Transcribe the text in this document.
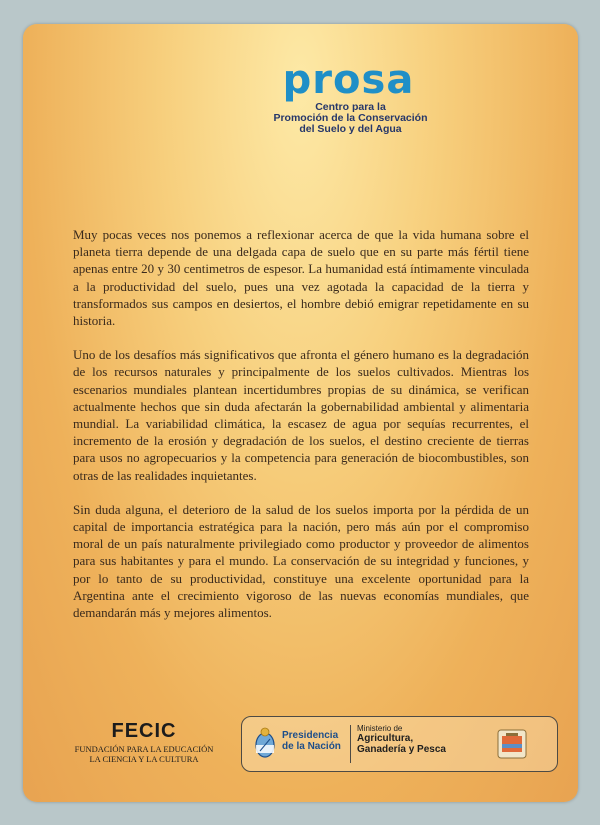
prosa
Centro para la
Promoción de la Conservación
del Suelo y del Agua

Muy pocas veces nos ponemos a reflexionar acerca de que la vida humana sobre el planeta tierra depende de una delgada capa de suelo que en su parte más fértil tiene apenas entre 20 y 30 centimetros de espesor. La humanidad está íntimamente vinculada a la productividad del suelo, pues una vez agotada la capacidad de la tierra y transformados sus campos en desiertos, el hombre debió emigrar repetidamente en su historia.

Uno de los desafíos más significativos que afronta el género humano es la degradación de los recursos naturales y principalmente de los suelos cultivados. Mientras los escenarios mundiales plantean incertidumbres propias de su dinámica, se verifican actualmente hechos que sin duda afectarán la gobernabilidad ambiental y alimentaria mundial. La variabilidad climática, la escasez de agua por sequías recurrentes, el incremento de la erosión y degradación de los suelos, el destino creciente de tierras para usos no agropecuarios y la competencia para generación de biocombustibles, son otras de las realidades inquietantes.

Sin duda alguna, el deterioro de la salud de los suelos importa por la pérdida de un capital de importancia estratégica para la nación, pero más aún por el compromiso moral de un país naturalmente privilegiado como productor y proveedor de alimentos para sus habitantes y para el mundo. La conservación de su integridad y funciones, y por lo tanto de su productividad, constituye una excelente oportunidad para la Argentina ante el crecimiento vigoroso de las nuevas economías mundiales, que demandarán más y mejores alimentos.

FECIC
FUNDACIÓN PARA LA EDUCACIÓN
LA CIENCIA Y LA CULTURA
Presidencia
de la Nación
Ministerio de
Agricultura,
Ganadería y Pesca
